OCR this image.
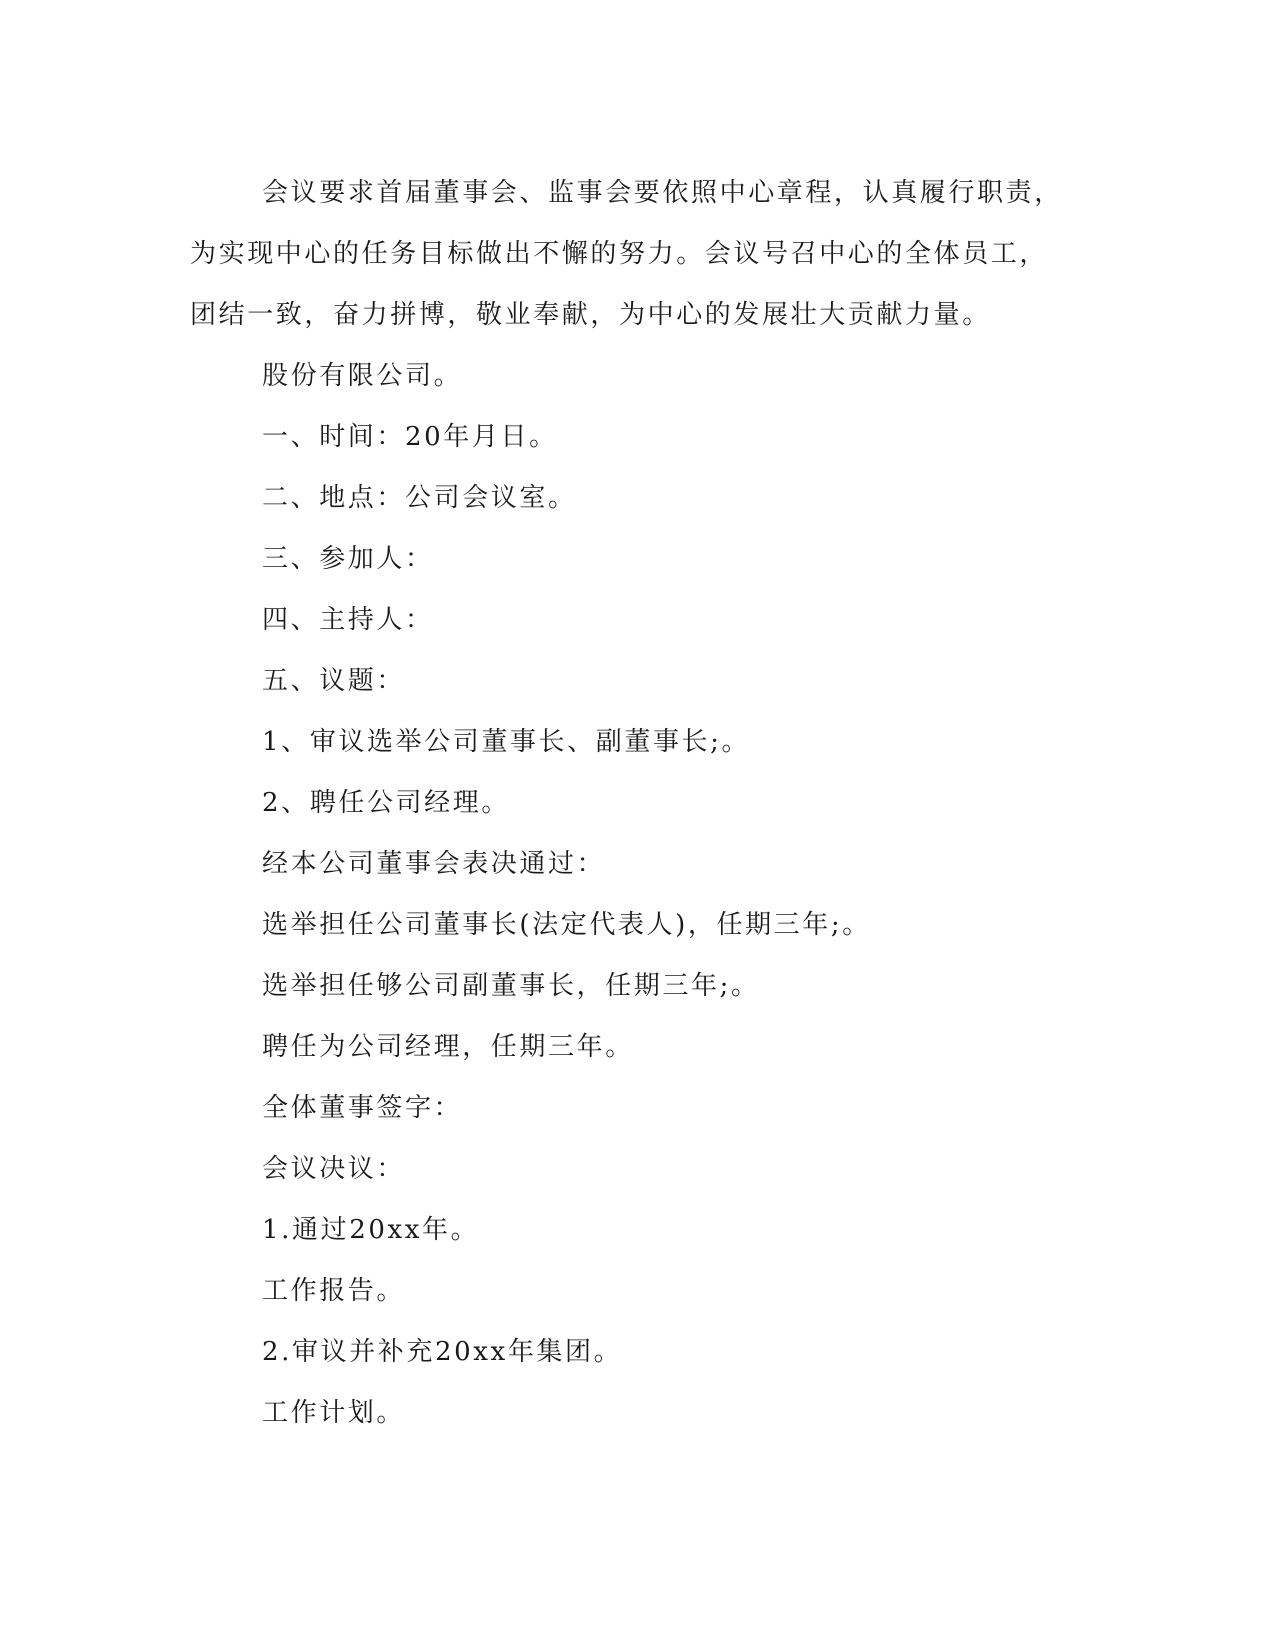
会议要求首届董事会、监事会要依照中心章程，认真履行职责，为实现中心的任务目标做出不懈的努力。会议号召中心的全体员工，团结一致，奋力拼博，敬业奉献，为中心的发展壮大贡献力量。

股份有限公司。

一、时间：20年月日。

二、地点：公司会议室。

三、参加人：

四、主持人：

五、议题：

1、审议选举公司董事长、副董事长;。

2、聘任公司经理。

经本公司董事会表决通过：

选举担任公司董事长(法定代表人)，任期三年;。

选举担任够公司副董事长，任期三年;。

聘任为公司经理，任期三年。

全体董事签字：

会议决议：

1.通过20xx年。

工作报告。

2.审议并补充20xx年集团。

工作计划。
